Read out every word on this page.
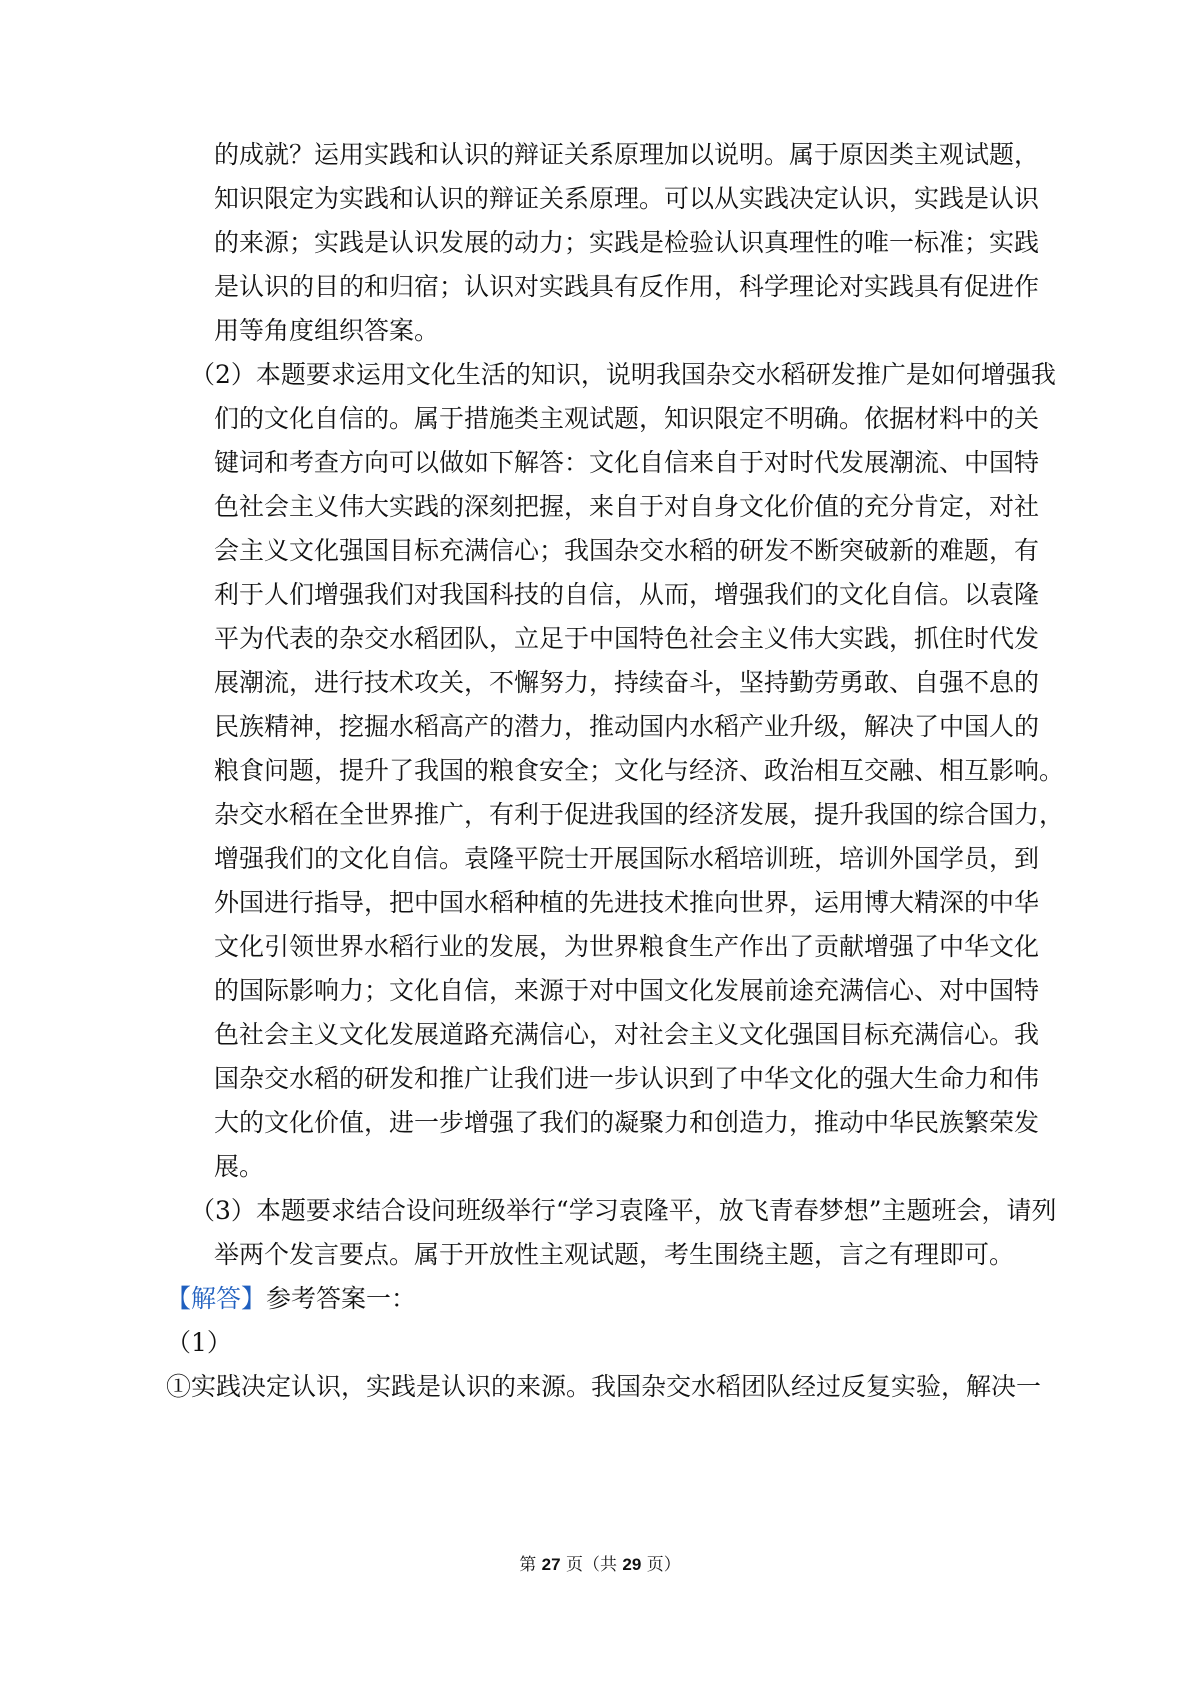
的成就？运用实践和认识的辩证关系原理加以说明。属于原因类主观试题，
知识限定为实践和认识的辩证关系原理。可以从实践决定认识，实践是认识
的来源；实践是认识发展的动力；实践是检验认识真理性的唯一标准；实践
是认识的目的和归宿；认识对实践具有反作用，科学理论对实践具有促进作
用等角度组织答案。
（2）本题要求运用文化生活的知识，说明我国杂交水稻研发推广是如何增强我
们的文化自信的。属于措施类主观试题，知识限定不明确。依据材料中的关
键词和考查方向可以做如下解答：文化自信来自于对时代发展潮流、中国特
色社会主义伟大实践的深刻把握，来自于对自身文化价值的充分肯定，对社
会主义文化强国目标充满信心；我国杂交水稻的研发不断突破新的难题，有
利于人们增强我们对我国科技的自信，从而，增强我们的文化自信。以袁隆
平为代表的杂交水稻团队，立足于中国特色社会主义伟大实践，抓住时代发
展潮流，进行技术攻关，不懈努力，持续奋斗，坚持勤劳勇敢、自强不息的
民族精神，挖掘水稻高产的潜力，推动国内水稻产业升级，解决了中国人的
粮食问题，提升了我国的粮食安全；文化与经济、政治相互交融、相互影响。
杂交水稻在全世界推广，有利于促进我国的经济发展，提升我国的综合国力，
增强我们的文化自信。袁隆平院士开展国际水稻培训班，培训外国学员，到
外国进行指导，把中国水稻种植的先进技术推向世界，运用博大精深的中华
文化引领世界水稻行业的发展，为世界粮食生产作出了贡献增强了中华文化
的国际影响力；文化自信，来源于对中国文化发展前途充满信心、对中国特
色社会主义文化发展道路充满信心，对社会主义文化强国目标充满信心。我
国杂交水稻的研发和推广让我们进一步认识到了中华文化的强大生命力和伟
大的文化价值，进一步增强了我们的凝聚力和创造力，推动中华民族繁荣发
展。
（3）本题要求结合设问班级举行“学习袁隆平，放飞青春梦想”主题班会，请列
举两个发言要点。属于开放性主观试题，考生围绕主题，言之有理即可。
【解答】参考答案一：
（1）
①实践决定认识，实践是认识的来源。我国杂交水稻团队经过反复实验，解决一
第 27 页（共 29 页）
